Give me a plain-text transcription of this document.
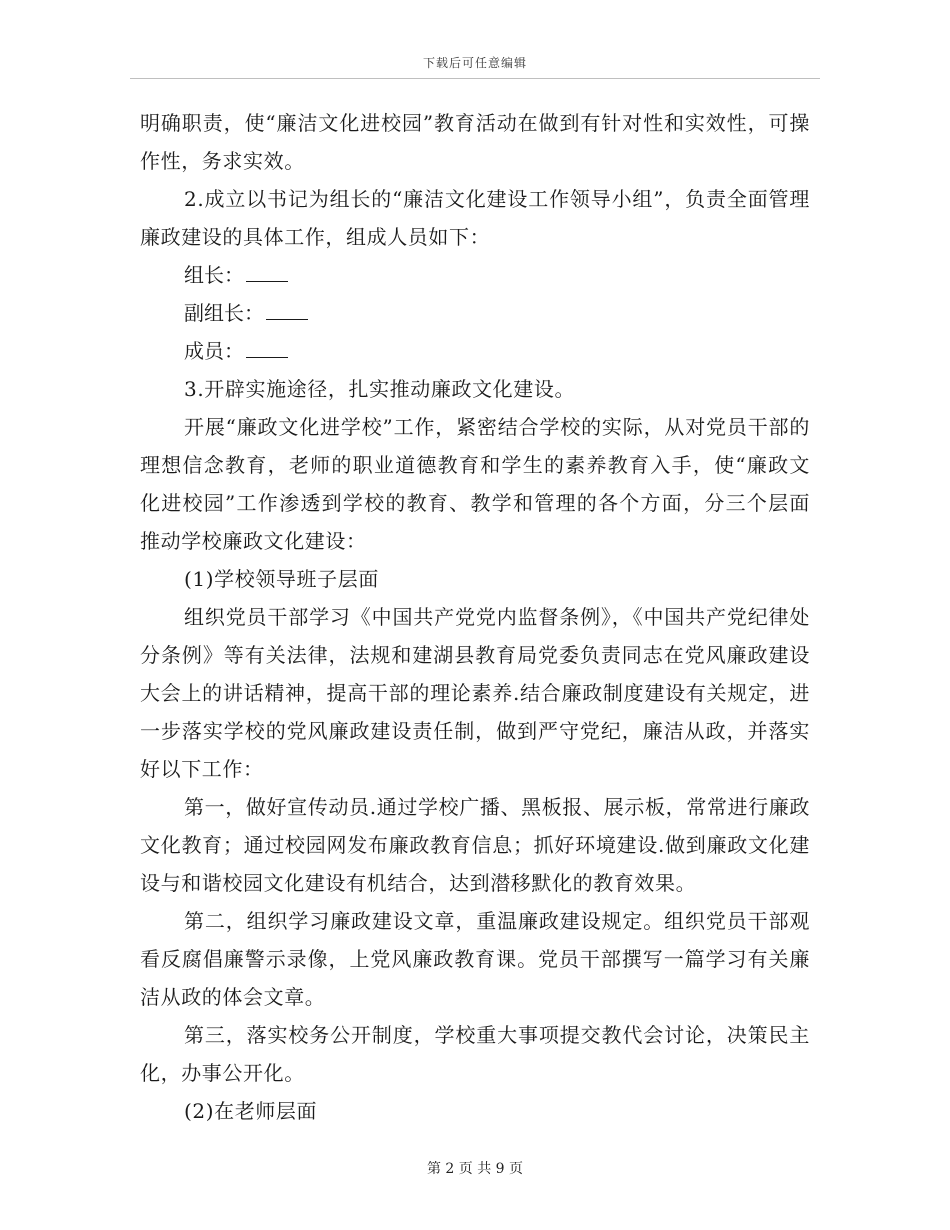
下载后可任意编辑

明确职责，使“廉洁文化进校园”教育活动在做到有针对性和实效性，可操作性，务求实效。

2.成立以书记为组长的“廉洁文化建设工作领导小组”，负责全面管理廉政建设的具体工作，组成人员如下：

组长：

副组长：

成员：

3.开辟实施途径，扎实推动廉政文化建设。

开展“廉政文化进学校”工作，紧密结合学校的实际，从对党员干部的理想信念教育，老师的职业道德教育和学生的素养教育入手，使“廉政文化进校园”工作渗透到学校的教育、教学和管理的各个方面，分三个层面推动学校廉政文化建设：

(1)学校领导班子层面

组织党员干部学习《中国共产党党内监督条例》，《中国共产党纪律处分条例》等有关法律，法规和建湖县教育局党委负责同志在党风廉政建设大会上的讲话精神，提高干部的理论素养.结合廉政制度建设有关规定，进一步落实学校的党风廉政建设责任制，做到严守党纪，廉洁从政，并落实好以下工作：

第一，做好宣传动员.通过学校广播、黑板报、展示板，常常进行廉政文化教育；通过校园网发布廉政教育信息；抓好环境建设.做到廉政文化建设与和谐校园文化建设有机结合，达到潜移默化的教育效果。

第二，组织学习廉政建设文章，重温廉政建设规定。组织党员干部观看反腐倡廉警示录像，上党风廉政教育课。党员干部撰写一篇学习有关廉洁从政的体会文章。

第三，落实校务公开制度，学校重大事项提交教代会讨论，决策民主化，办事公开化。

(2)在老师层面

第 2 页 共 9 页
